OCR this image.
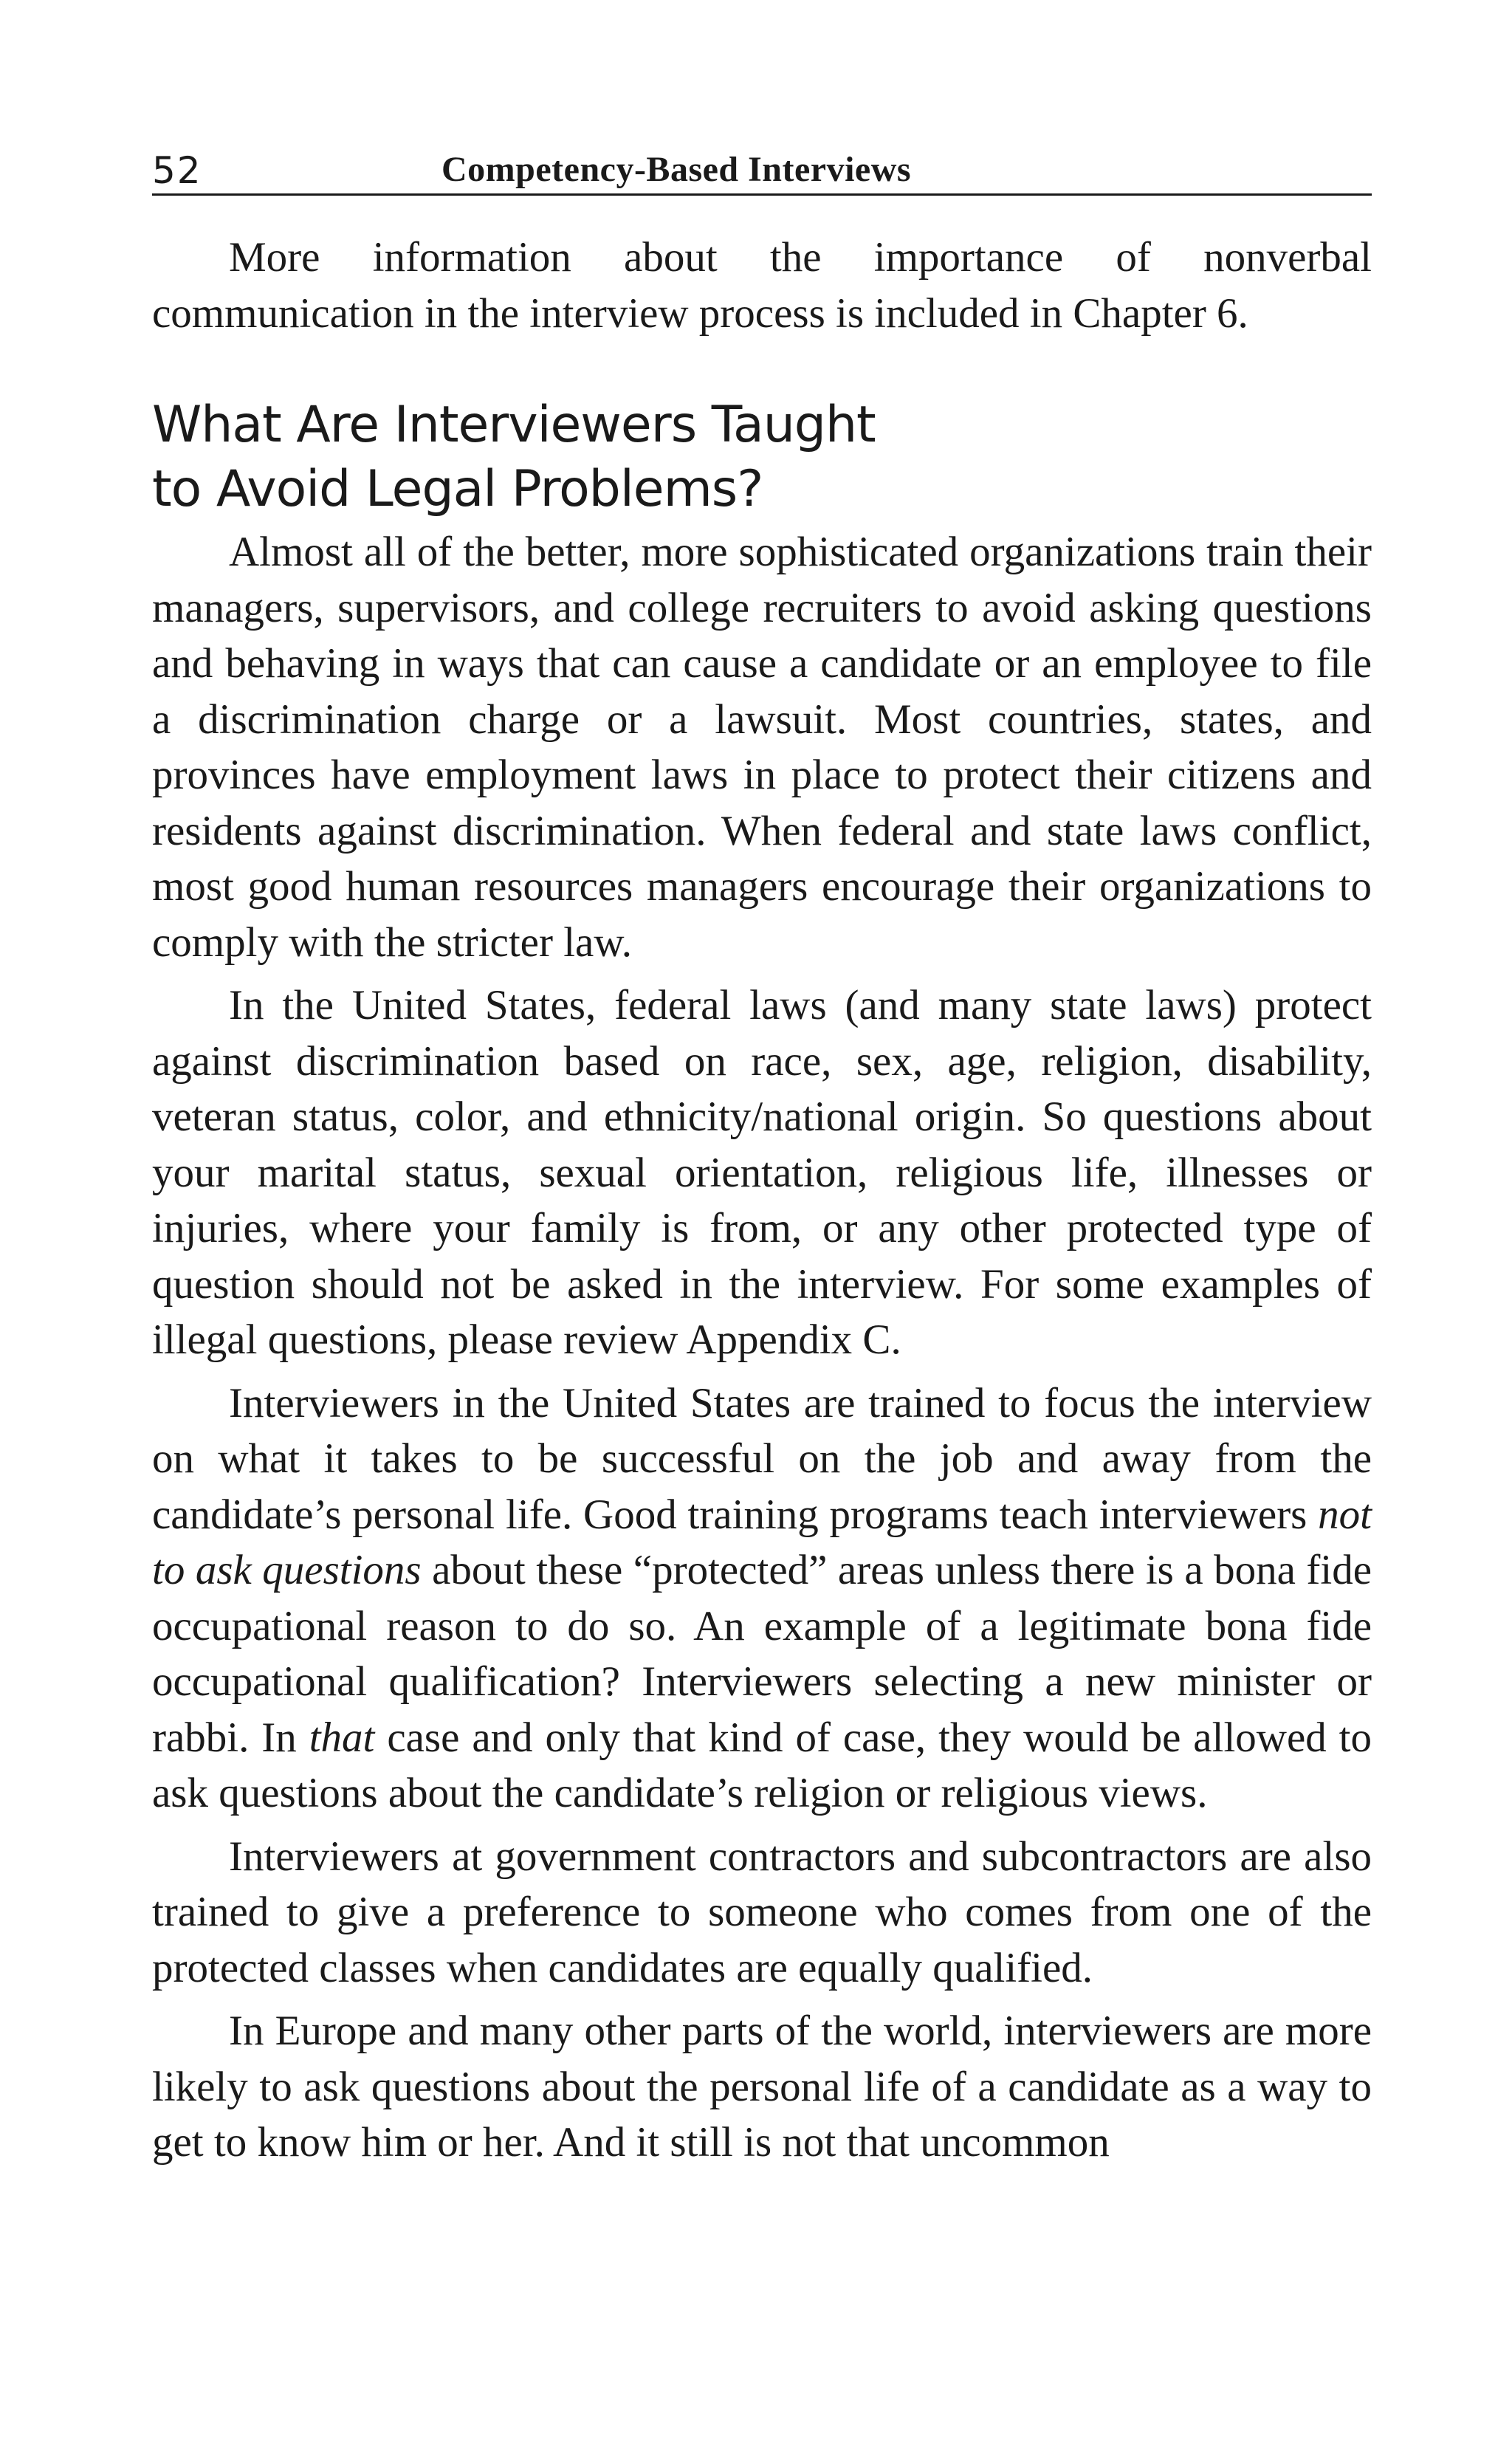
52	Competency-Based Interviews

More information about the importance of nonverbal communication in the interview process is included in Chapter 6.

What Are Interviewers Taught
to Avoid Legal Problems?

Almost all of the better, more sophisticated organizations train their managers, supervisors, and college recruiters to avoid asking questions and behaving in ways that can cause a candidate or an employee to file a discrimination charge or a lawsuit. Most countries, states, and provinces have employment laws in place to protect their citizens and residents against discrimination. When federal and state laws conflict, most good human resources managers encourage their organizations to comply with the stricter law.

In the United States, federal laws (and many state laws) protect against discrimination based on race, sex, age, religion, disability, veteran status, color, and ethnicity/national origin. So questions about your marital status, sexual orientation, religious life, illnesses or injuries, where your family is from, or any other protected type of question should not be asked in the interview. For some examples of illegal questions, please review Appendix C.

Interviewers in the United States are trained to focus the interview on what it takes to be successful on the job and away from the candidate’s personal life. Good training programs teach interviewers not to ask questions about these “protected” areas unless there is a bona fide occupational reason to do so. An example of a legitimate bona fide occupational qualification? Interviewers selecting a new minister or rabbi. In that case and only that kind of case, they would be allowed to ask questions about the candidate’s religion or religious views.

Interviewers at government contractors and subcontractors are also trained to give a preference to someone who comes from one of the protected classes when candidates are equally qualified.

In Europe and many other parts of the world, interviewers are more likely to ask questions about the personal life of a candidate as a way to get to know him or her. And it still is not that uncommon
